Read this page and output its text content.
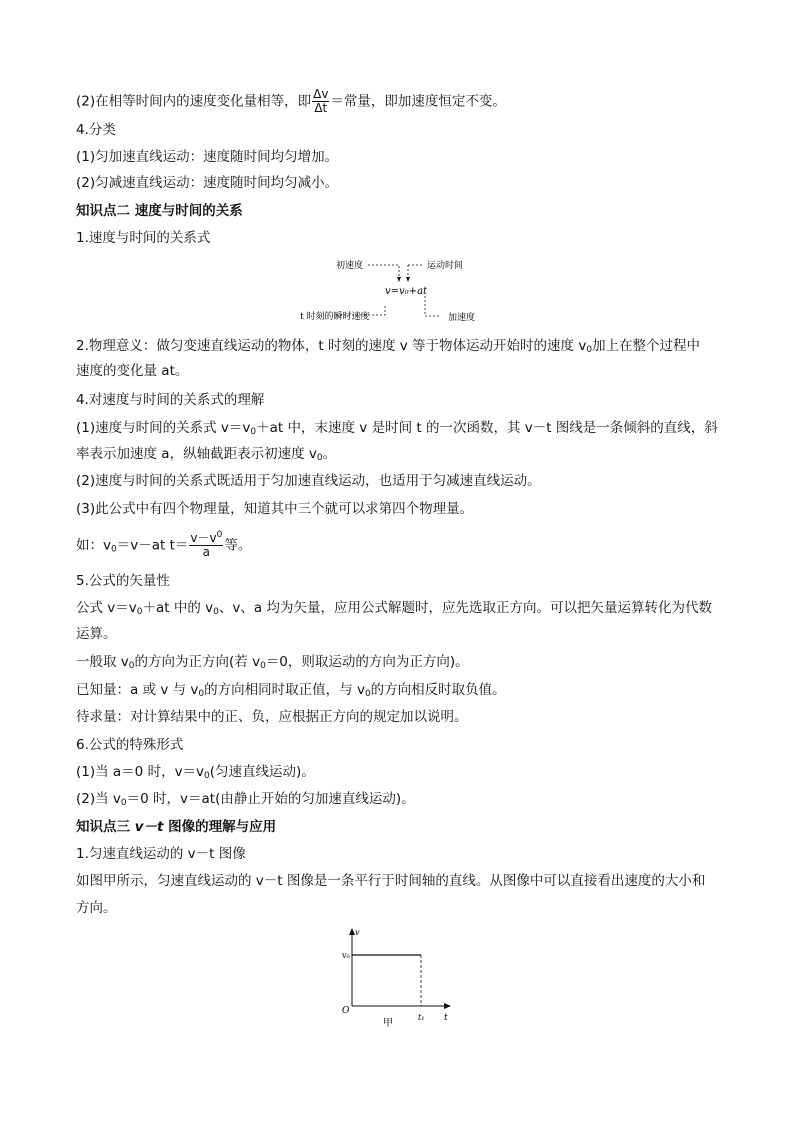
(2)在相等时间内的速度变化量相等，即 $\frac{\Delta v}{\Delta t}$ ＝常量，即加速度恒定不变。
4.分类
(1)匀加速直线运动：速度随时间均匀增加。
(2)匀减速直线运动：速度随时间均匀减小。
知识点二 速度与时间的关系
1.速度与时间的关系式
初速度	运动时间
v=v₀+at
t 时刻的瞬时速度	加速度
2.物理意义：做匀变速直线运动的物体，t 时刻的速度 v 等于物体运动开始时的速度 $v_0$加上在整个过程中
速度的变化量 at。
4.对速度与时间的关系式的理解
(1)速度与时间的关系式 $v=v_0+at$ 中，末速度 v 是时间 t 的一次函数，其 v－t 图线是一条倾斜的直线，斜
率表示加速度 a，纵轴截距表示初速度 $v_0$。
(2)速度与时间的关系式既适用于匀加速直线运动，也适用于匀减速直线运动。
(3)此公式中有四个物理量，知道其中三个就可以求第四个物理量。
如：$v_0=v-at$ $t= \frac{v-v^0}{a}$ 等。
5.公式的矢量性
公式 $v=v_0+at$ 中的 $v_0$、v、a 均为矢量，应用公式解题时，应先选取正方向。可以把矢量运算转化为代数
运算。
一般取 $v_0$的方向为正方向(若 $v_0=0$，则取运动的方向为正方向)。
已知量：a 或 v 与 $v_0$的方向相同时取正值，与 $v_0$的方向相反时取负值。
待求量：对计算结果中的正、负，应根据正方向的规定加以说明。
6.公式的特殊形式
(1)当 a＝0 时，$v=v_0$(匀速直线运动)。
(2)当 $v_0=0$ 时，v＝at(由静止开始的匀加速直线运动)。
知识点三 v－t 图像的理解与应用
1.匀速直线运动的 v－t 图像
如图甲所示，匀速直线运动的 v－t 图像是一条平行于时间轴的直线。从图像中可以直接看出速度的大小和
方向。
v
t
O
v₀
t₁
甲
